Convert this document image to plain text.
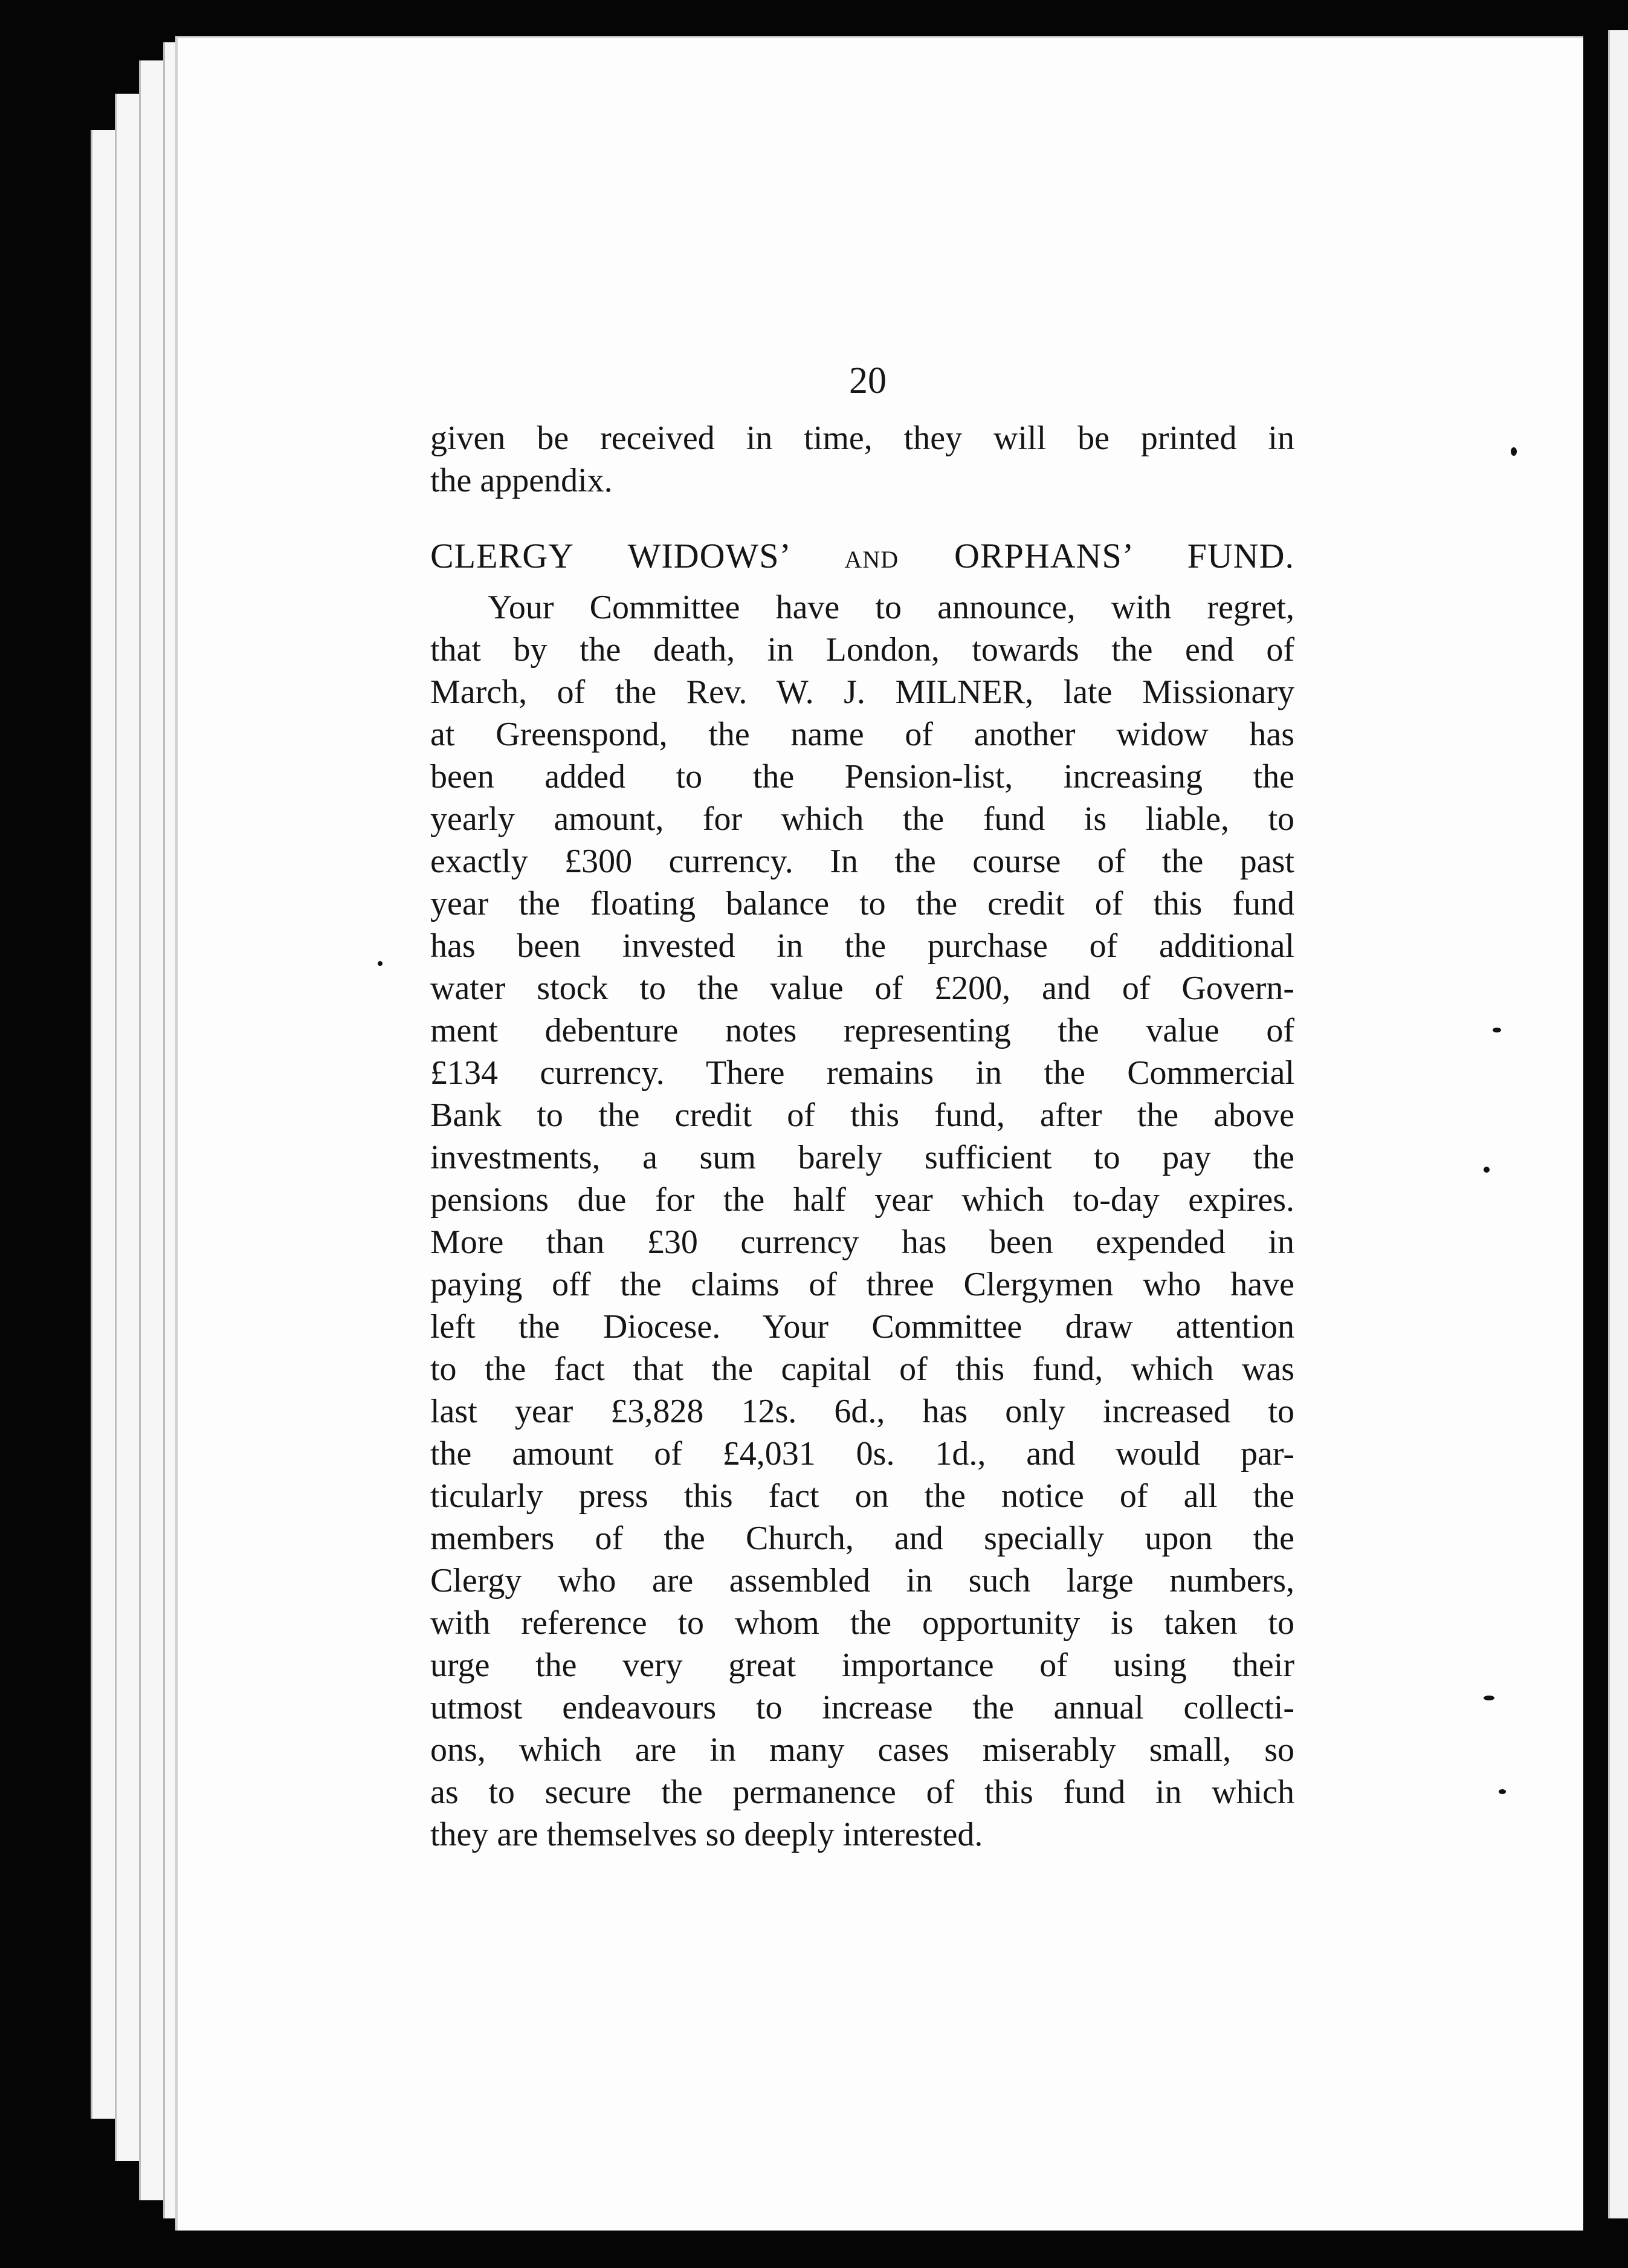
20
given be received in time, they will be printed in
the appendix.
CLERGY WIDOWS’ AND ORPHANS’ FUND.
Your Committee have to announce, with regret,
that by the death, in London, towards the end of
March, of the Rev. W. J. MILNER, late Missionary
at Greenspond, the name of another widow has
been added to the Pension-list, increasing the
yearly amount, for which the fund is liable, to
exactly £300 currency. In the course of the past
year the floating balance to the credit of this fund
has been invested in the purchase of additional
water stock to the value of £200, and of Govern-
ment debenture notes representing the value of
£134 currency. There remains in the Commercial
Bank to the credit of this fund, after the above
investments, a sum barely sufficient to pay the
pensions due for the half year which to-day expires.
More than £30 currency has been expended in
paying off the claims of three Clergymen who have
left the Diocese. Your Committee draw attention
to the fact that the capital of this fund, which was
last year £3,828 12s. 6d., has only increased to
the amount of £4,031 0s. 1d., and would par-
ticularly press this fact on the notice of all the
members of the Church, and specially upon the
Clergy who are assembled in such large numbers,
with reference to whom the opportunity is taken to
urge the very great importance of using their
utmost endeavours to increase the annual collecti-
ons, which are in many cases miserably small, so
as to secure the permanence of this fund in which
they are themselves so deeply interested.
